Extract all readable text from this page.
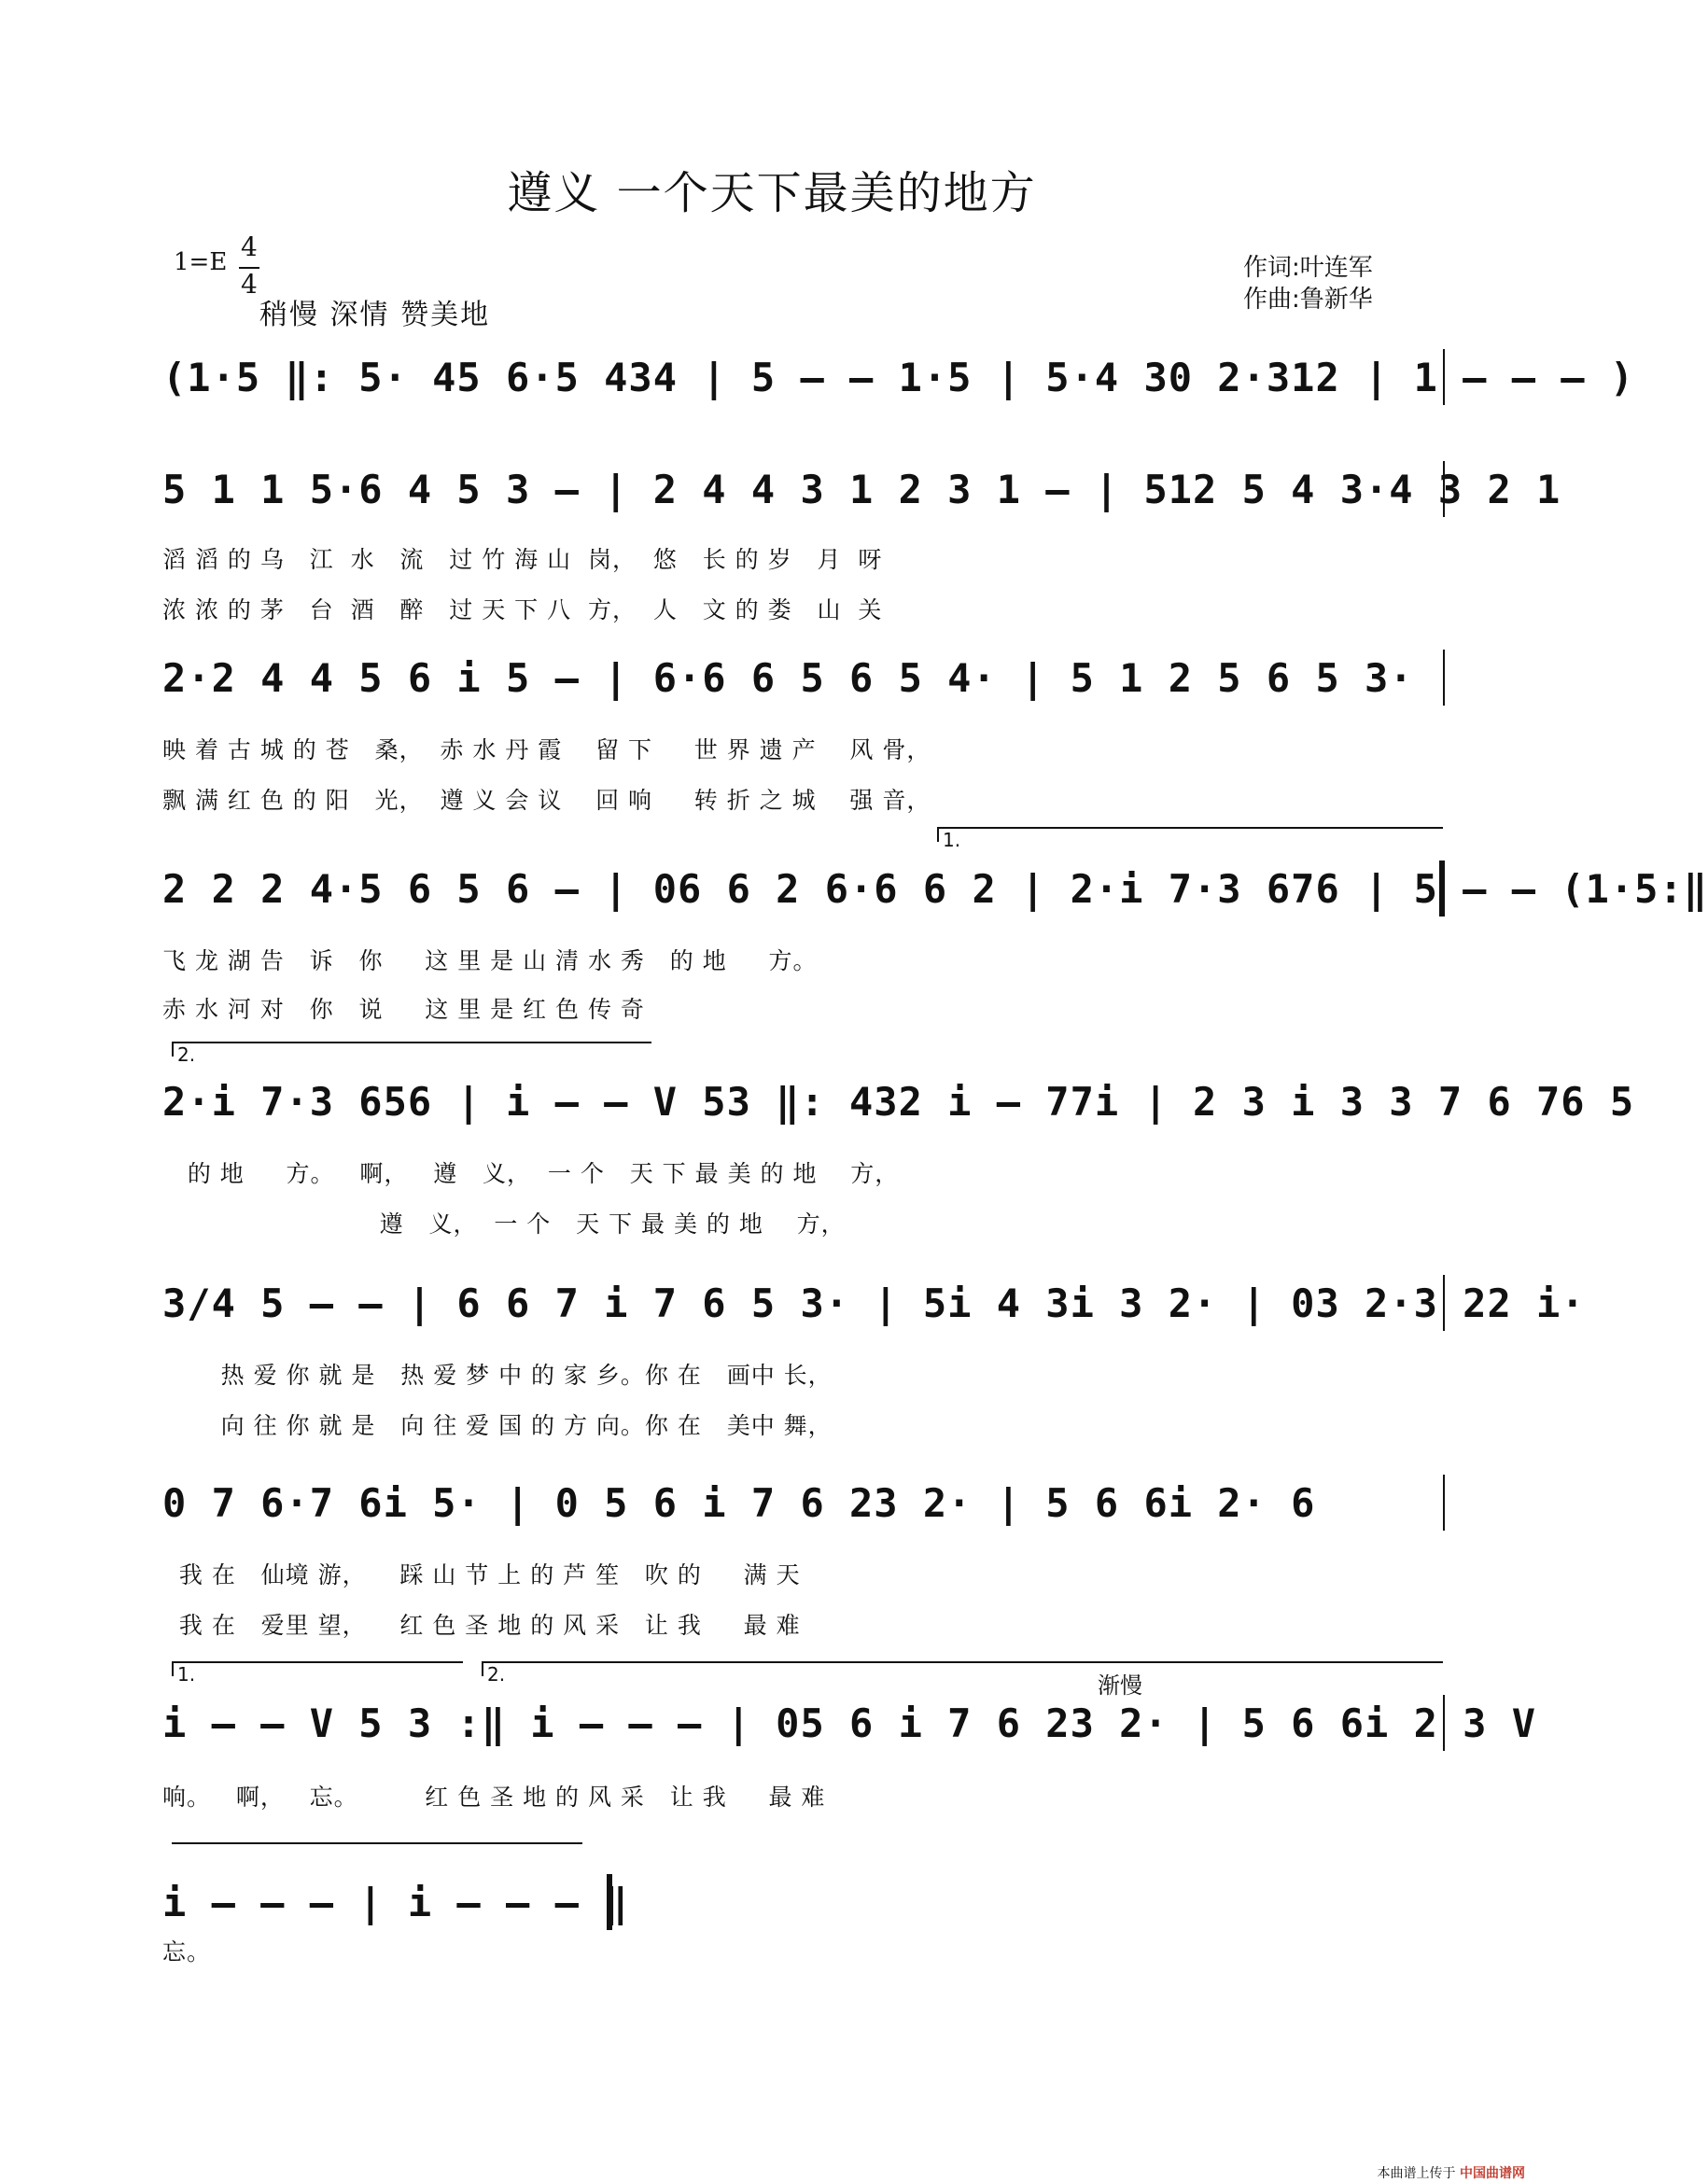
遵义 一个天下最美的地方
1=E 4
4
稍慢 深情 赞美地
作词:叶连军
作曲:鲁新华
(1·5 ‖: 5· 45 6·5 434 | 5 – – 1·5 | 5·4 30 2·312 | 1 – – – )
5 1 1 5·6 4 5 3 – | 2 4 4 3 1 2 3 1 – | 512 5 4 3·4 3 2 1
滔 滔 的 乌   江  水   流   过 竹 海 山  岗，  悠   长 的 岁   月  呀
浓 浓 的 茅   台  酒   醉   过 天 下 八  方，  人   文 的 娄   山  关
2·2 4 4 5 6 i 5 – | 6·6 6 5 6 5 4· | 5 1 2 5 6 5 3·
映 着 古 城 的 苍   桑，  赤 水 丹 霞    留 下     世 界 遗 产    风 骨，
飘 满 红 色 的 阳   光，  遵 义 会 议    回 响     转 折 之 城    强 音，
1.
2 2 2 4·5 6 5 6 – | 06 6 2 6·6 6 2 | 2·i 7·3 676 | 5 – – (1·5:‖
飞 龙 湖 告   诉   你     这 里 是 山 清 水 秀   的 地     方。
赤 水 河 对   你   说     这 里 是 红 色 传 奇
2.
2·i 7·3 656 | i – – V 53 ‖: 432 i – 77i | 2 3 i 3 3 7 6 76 5
的 地     方。   啊，   遵   义，  一 个   天 下 最 美 的 地    方，
遵   义，  一 个   天 下 最 美 的 地    方，
3/4 5 – – | 6 6 7 i 7 6 5 3· | 5i 4 3i 3 2· | 03 2·3 22 i·
热 爱 你 就 是   热 爱 梦 中 的 家 乡。你 在   画中 长，
向 往 你 就 是   向 往 爱 国 的 方 向。你 在   美中 舞，
0 7 6·7 6i 5· | 0 5 6 i 7 6 23 2· | 5 6 6i 2· 6
我 在   仙境 游，    踩 山 节 上 的 芦 笙   吹 的     满 天
我 在   爱里 望，    红 色 圣 地 的 风 采   让 我     最 难
1.	2.	渐慢
i – – V 5 3 :‖ i – – – | 05 6 i 7 6 23 2· | 5 6 6i 2 3 V
响。   啊，   忘。        红 色 圣 地 的 风 采   让 我     最 难
i – – – | i – – – ‖
忘。
本曲谱上传于 中国曲谱网
